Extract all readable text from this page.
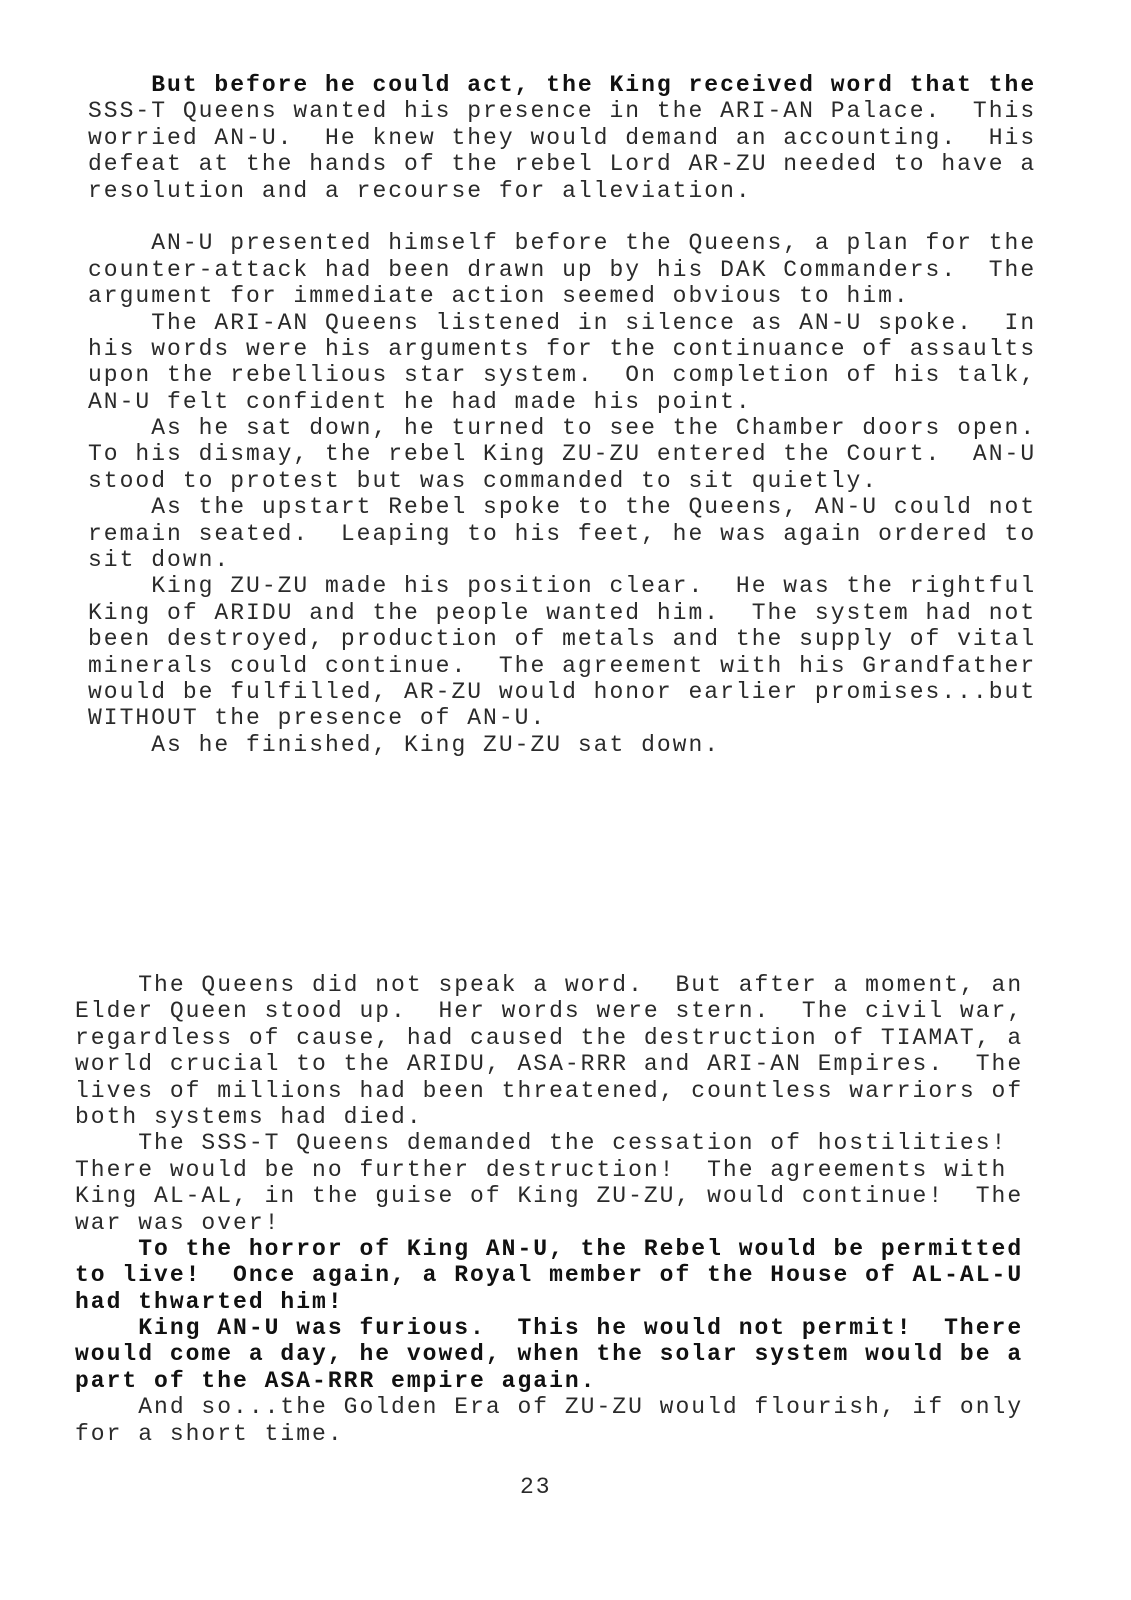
But before he could act, the King received word that the
SSS-T Queens wanted his presence in the ARI-AN Palace.  This
worried AN-U.  He knew they would demand an accounting.  His
defeat at the hands of the rebel Lord AR-ZU needed to have a
resolution and a recourse for alleviation.
AN-U presented himself before the Queens, a plan for the
counter-attack had been drawn up by his DAK Commanders.  The
argument for immediate action seemed obvious to him.
The ARI-AN Queens listened in silence as AN-U spoke.  In
his words were his arguments for the continuance of assaults
upon the rebellious star system.  On completion of his talk,
AN-U felt confident he had made his point.
As he sat down, he turned to see the Chamber doors open.
To his dismay, the rebel King ZU-ZU entered the Court.  AN-U
stood to protest but was commanded to sit quietly.
As the upstart Rebel spoke to the Queens, AN-U could not
remain seated.  Leaping to his feet, he was again ordered to
sit down.
King ZU-ZU made his position clear.  He was the rightful
King of ARIDU and the people wanted him.  The system had not
been destroyed, production of metals and the supply of vital
minerals could continue.  The agreement with his Grandfather
would be fulfilled, AR-ZU would honor earlier promises...but
WITHOUT the presence of AN-U.
As he finished, King ZU-ZU sat down.
The Queens did not speak a word.  But after a moment, an
Elder Queen stood up.  Her words were stern.  The civil war,
regardless of cause, had caused the destruction of TIAMAT, a
world crucial to the ARIDU, ASA-RRR and ARI-AN Empires.  The
lives of millions had been threatened, countless warriors of
both systems had died.
The SSS-T Queens demanded the cessation of hostilities!
There would be no further destruction!  The agreements with
King AL-AL, in the guise of King ZU-ZU, would continue!  The
war was over!
To the horror of King AN-U, the Rebel would be permitted
to live!  Once again, a Royal member of the House of AL-AL-U
had thwarted him!
King AN-U was furious.  This he would not permit!  There
would come a day, he vowed, when the solar system would be a
part of the ASA-RRR empire again.
And so...the Golden Era of ZU-ZU would flourish, if only
for a short time.
23
